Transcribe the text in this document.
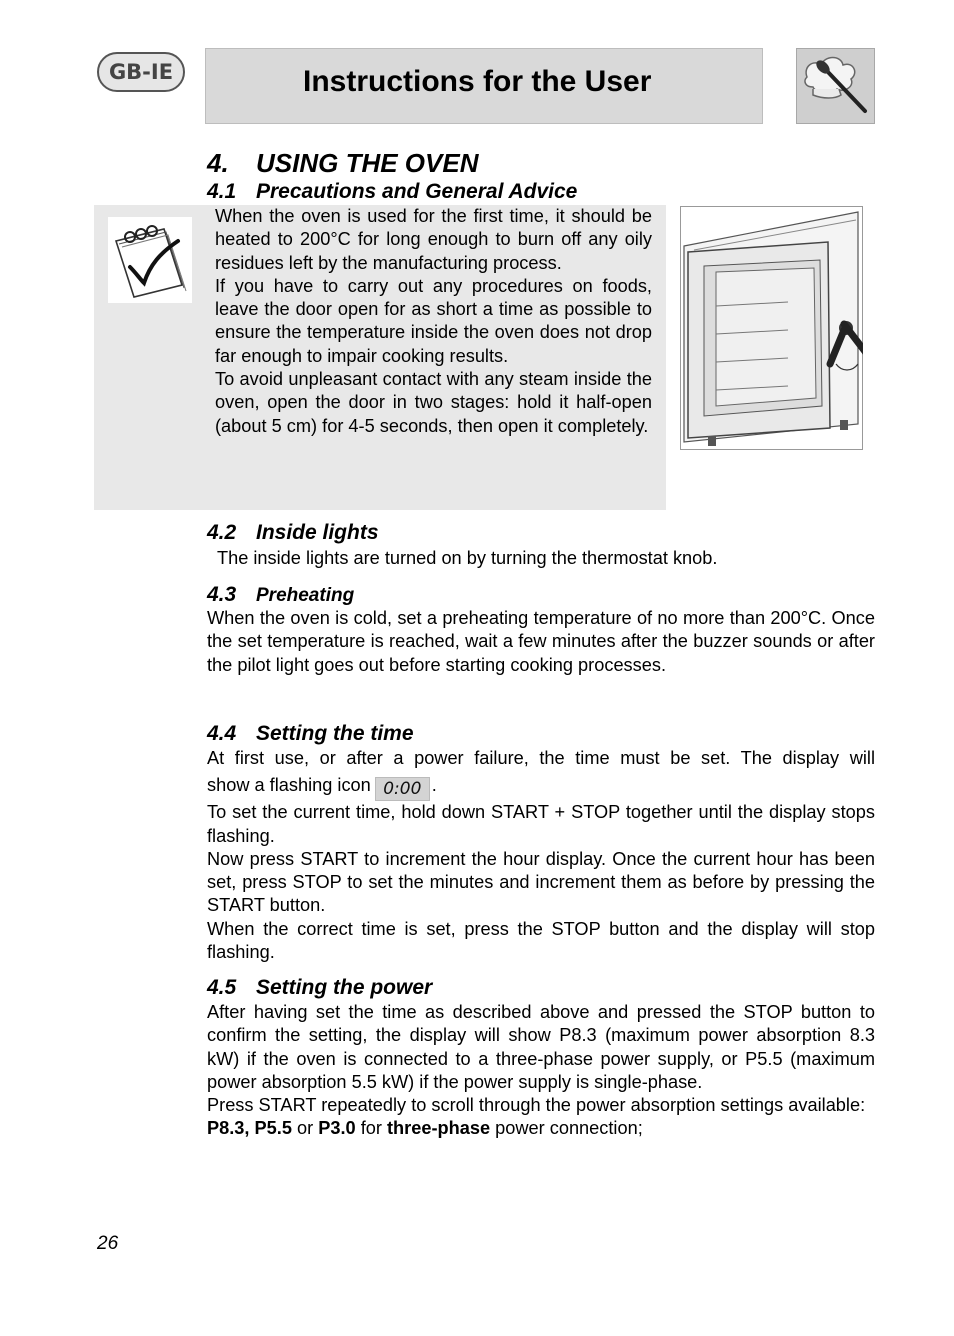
GB-IE	Instructions for the User
4. USING THE OVEN
4.1 Precautions and General Advice

When the oven is used for the first time, it should be heated to 200°C for long enough to burn off any oily residues left by the manufacturing process.

If you have to carry out any procedures on foods, leave the door open for as short a time as possible to ensure the temperature inside the oven does not drop far enough to impair cooking results.

To avoid unpleasant contact with any steam inside the oven, open the door in two stages: hold it half-open (about 5 cm) for 4-5 seconds, then open it completely.

4.2 Inside lights
The inside lights are turned on by turning the thermostat knob.
4.3 Preheating
When the oven is cold, set a preheating temperature of no more than 200°C. Once the set temperature is reached, wait a few minutes after the buzzer sounds or after the pilot light goes out before starting cooking processes.
4.4 Setting the time

At first use, or after a power failure, the time must be set. The display will

show a flashing icon 0:00 .

To set the current time, hold down START + STOP together until the display stops flashing.

Now press START to increment the hour display. Once the current hour has been set, press STOP to set the minutes and increment them as before by pressing the START button.

When the correct time is set, press the STOP button and the display will stop flashing.

4.5 Setting the power

After having set the time as described above and pressed the STOP button to confirm the setting, the display will show P8.3 (maximum power absorption 8.3 kW) if the oven is connected to a three-phase power supply, or P5.5 (maximum power absorption 5.5 kW) if the power supply is single-phase.

Press START repeatedly to scroll through the power absorption settings available:

P8.3, P5.5 or P3.0 for three-phase power connection;

26
